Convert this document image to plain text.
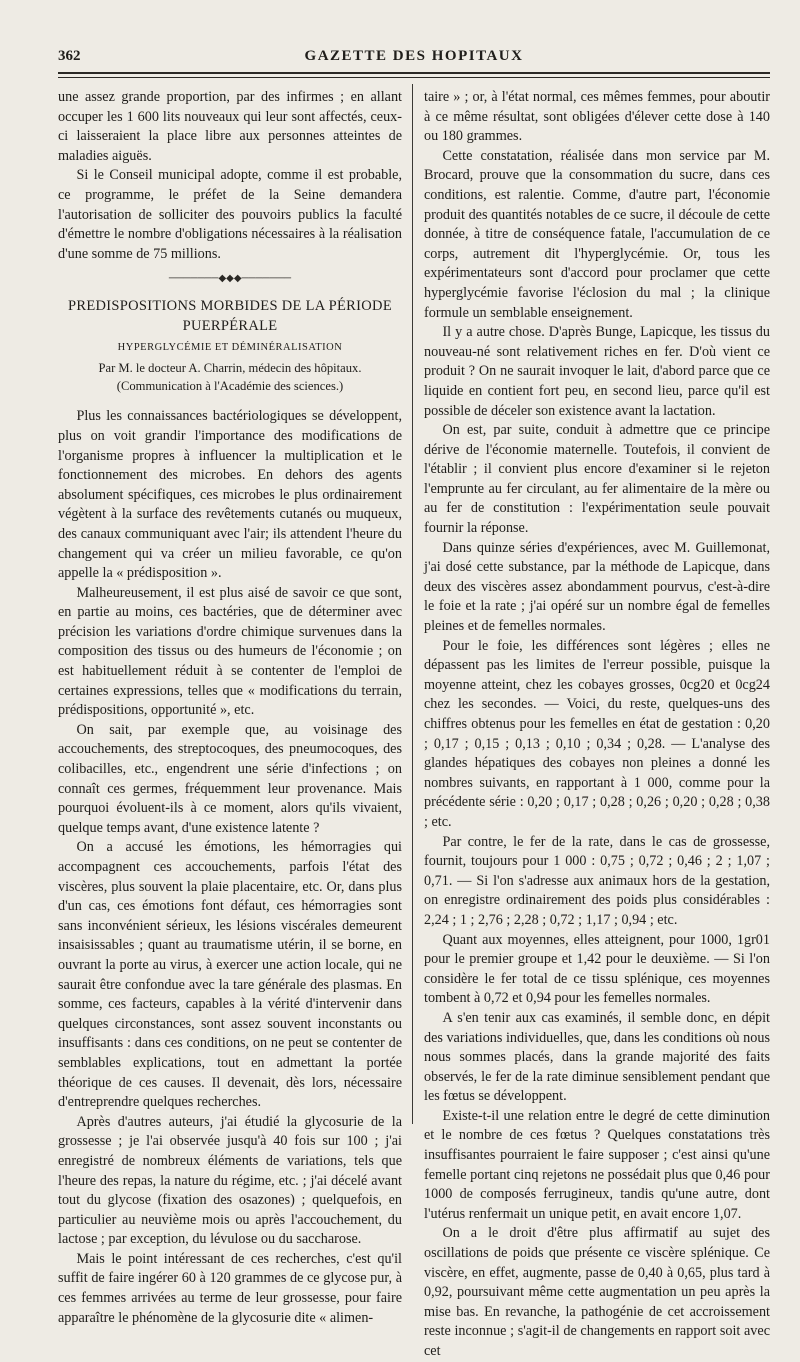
362	GAZETTE DES HOPITAUX

une assez grande proportion, par des infirmes ; en allant occuper les 1 600 lits nouveaux qui leur sont affectés, ceux-ci laisseraient la place libre aux personnes atteintes de maladies aiguës.

Si le Conseil municipal adopte, comme il est probable, ce programme, le préfet de la Seine demandera l'autorisation de solliciter des pouvoirs publics la faculté d'émettre le nombre d'obligations nécessaires à la réalisation d'une somme de 75 millions.

───────◆◆◆───────
PREDISPOSITIONS MORBIDES DE LA PÉRIODE PUERPÉRALE
HYPERGLYCÉMIE ET DÉMINÉRALISATION
Par M. le docteur A. Charrin, médecin des hôpitaux.
(Communication à l'Académie des sciences.)

Plus les connaissances bactériologiques se développent, plus on voit grandir l'importance des modifications de l'organisme propres à influencer la multiplication et le fonctionnement des microbes. En dehors des agents absolument spécifiques, ces microbes le plus ordinairement végètent à la surface des revêtements cutanés ou muqueux, des canaux communiquant avec l'air; ils attendent l'heure du changement qui va créer un milieu favorable, ce qu'on appelle la « prédisposition ».

Malheureusement, il est plus aisé de savoir ce que sont, en partie au moins, ces bactéries, que de déterminer avec précision les variations d'ordre chimique survenues dans la composition des tissus ou des humeurs de l'économie ; on est habituellement réduit à se contenter de l'emploi de certaines expressions, telles que « modifications du terrain, prédispositions, opportunité », etc.

On sait, par exemple que, au voisinage des accouchements, des streptocoques, des pneumocoques, des colibacilles, etc., engendrent une série d'infections ; on connaît ces germes, fréquemment leur provenance. Mais pourquoi évoluent-ils à ce moment, alors qu'ils vivaient, quelque temps avant, d'une existence latente ?

On a accusé les émotions, les hémorragies qui accompagnent ces accouchements, parfois l'état des viscères, plus souvent la plaie placentaire, etc. Or, dans plus d'un cas, ces émotions font défaut, ces hémorragies sont sans inconvénient sérieux, les lésions viscérales demeurent insaisissables ; quant au traumatisme utérin, il se borne, en ouvrant la porte au virus, à exercer une action locale, qui ne saurait être confondue avec la tare générale des plasmas. En somme, ces facteurs, capables à la vérité d'intervenir dans quelques circonstances, sont assez souvent inconstants ou insuffisants : dans ces conditions, on ne peut se contenter de semblables explications, tout en admettant la portée théorique de ces causes. Il devenait, dès lors, nécessaire d'entreprendre quelques recherches.

Après d'autres auteurs, j'ai étudié la glycosurie de la grossesse ; je l'ai observée jusqu'à 40 fois sur 100 ; j'ai enregistré de nombreux éléments de variations, tels que l'heure des repas, la nature du régime, etc. ; j'ai décelé avant tout du glycose (fixation des osazones) ; quelquefois, en particulier au neuvième mois ou après l'accouchement, du lactose ; par exception, du lévulose ou du saccharose.

Mais le point intéressant de ces recherches, c'est qu'il suffit de faire ingérer 60 à 120 grammes de ce glycose pur, à ces femmes arrivées au terme de leur grossesse, pour faire apparaître le phénomène de la glycosurie dite « alimen-

taire » ; or, à l'état normal, ces mêmes femmes, pour aboutir à ce même résultat, sont obligées d'élever cette dose à 140 ou 180 grammes.

Cette constatation, réalisée dans mon service par M. Brocard, prouve que la consommation du sucre, dans ces conditions, est ralentie. Comme, d'autre part, l'économie produit des quantités notables de ce sucre, il découle de cette donnée, à titre de conséquence fatale, l'accumulation de ce corps, autrement dit l'hyperglycémie. Or, tous les expérimentateurs sont d'accord pour proclamer que cette hyperglycémie favorise l'éclosion du mal ; la clinique formule un semblable enseignement.

Il y a autre chose. D'après Bunge, Lapicque, les tissus du nouveau-né sont relativement riches en fer. D'où vient ce produit ? On ne saurait invoquer le lait, d'abord parce que ce liquide en contient fort peu, en second lieu, parce qu'il est possible de déceler son existence avant la lactation.

On est, par suite, conduit à admettre que ce principe dérive de l'économie maternelle. Toutefois, il convient de l'établir ; il convient plus encore d'examiner si le rejeton l'emprunte au fer circulant, au fer alimentaire de la mère ou au fer de constitution : l'expérimentation seule pouvait fournir la réponse.

Dans quinze séries d'expériences, avec M. Guillemonat, j'ai dosé cette substance, par la méthode de Lapicque, dans deux des viscères assez abondamment pourvus, c'est-à-dire le foie et la rate ; j'ai opéré sur un nombre égal de femelles pleines et de femelles normales.

Pour le foie, les différences sont légères ; elles ne dépassent pas les limites de l'erreur possible, puisque la moyenne atteint, chez les cobayes grosses, 0cg20 et 0cg24 chez les secondes. — Voici, du reste, quelques-uns des chiffres obtenus pour les femelles en état de gestation : 0,20 ; 0,17 ; 0,15 ; 0,13 ; 0,10 ; 0,34 ; 0,28. — L'analyse des glandes hépatiques des cobayes non pleines a donné les nombres suivants, en rapportant à 1 000, comme pour la précédente série : 0,20 ; 0,17 ; 0,28 ; 0,26 ; 0,20 ; 0,28 ; 0,38 ; etc.

Par contre, le fer de la rate, dans le cas de grossesse, fournit, toujours pour 1 000 : 0,75 ; 0,72 ; 0,46 ; 2 ; 1,07 ; 0,71. — Si l'on s'adresse aux animaux hors de la gestation, on enregistre ordinairement des poids plus considérables : 2,24 ; 1 ; 2,76 ; 2,28 ; 0,72 ; 1,17 ; 0,94 ; etc.

Quant aux moyennes, elles atteignent, pour 1000, 1gr01 pour le premier groupe et 1,42 pour le deuxième. — Si l'on considère le fer total de ce tissu splénique, ces moyennes tombent à 0,72 et 0,94 pour les femelles normales.

A s'en tenir aux cas examinés, il semble donc, en dépit des variations individuelles, que, dans les conditions où nous nous sommes placés, dans la grande majorité des faits observés, le fer de la rate diminue sensiblement pendant que les fœtus se développent.

Existe-t-il une relation entre le degré de cette diminution et le nombre de ces fœtus ? Quelques constatations très insuffisantes pourraient le faire supposer ; c'est ainsi qu'une femelle portant cinq rejetons ne possédait plus que 0,46 pour 1000 de composés ferrugineux, tandis qu'une autre, dont l'utérus renfermait un unique petit, en avait encore 1,07.

On a le droit d'être plus affirmatif au sujet des oscillations de poids que présente ce viscère splénique. Ce viscère, en effet, augmente, passe de 0,40 à 0,65, plus tard à 0,92, poursuivant même cette augmentation un peu après la mise bas. En revanche, la pathogénie de cet accroissement reste inconnue ; s'agit-il de changements en rapport soit avec cet
